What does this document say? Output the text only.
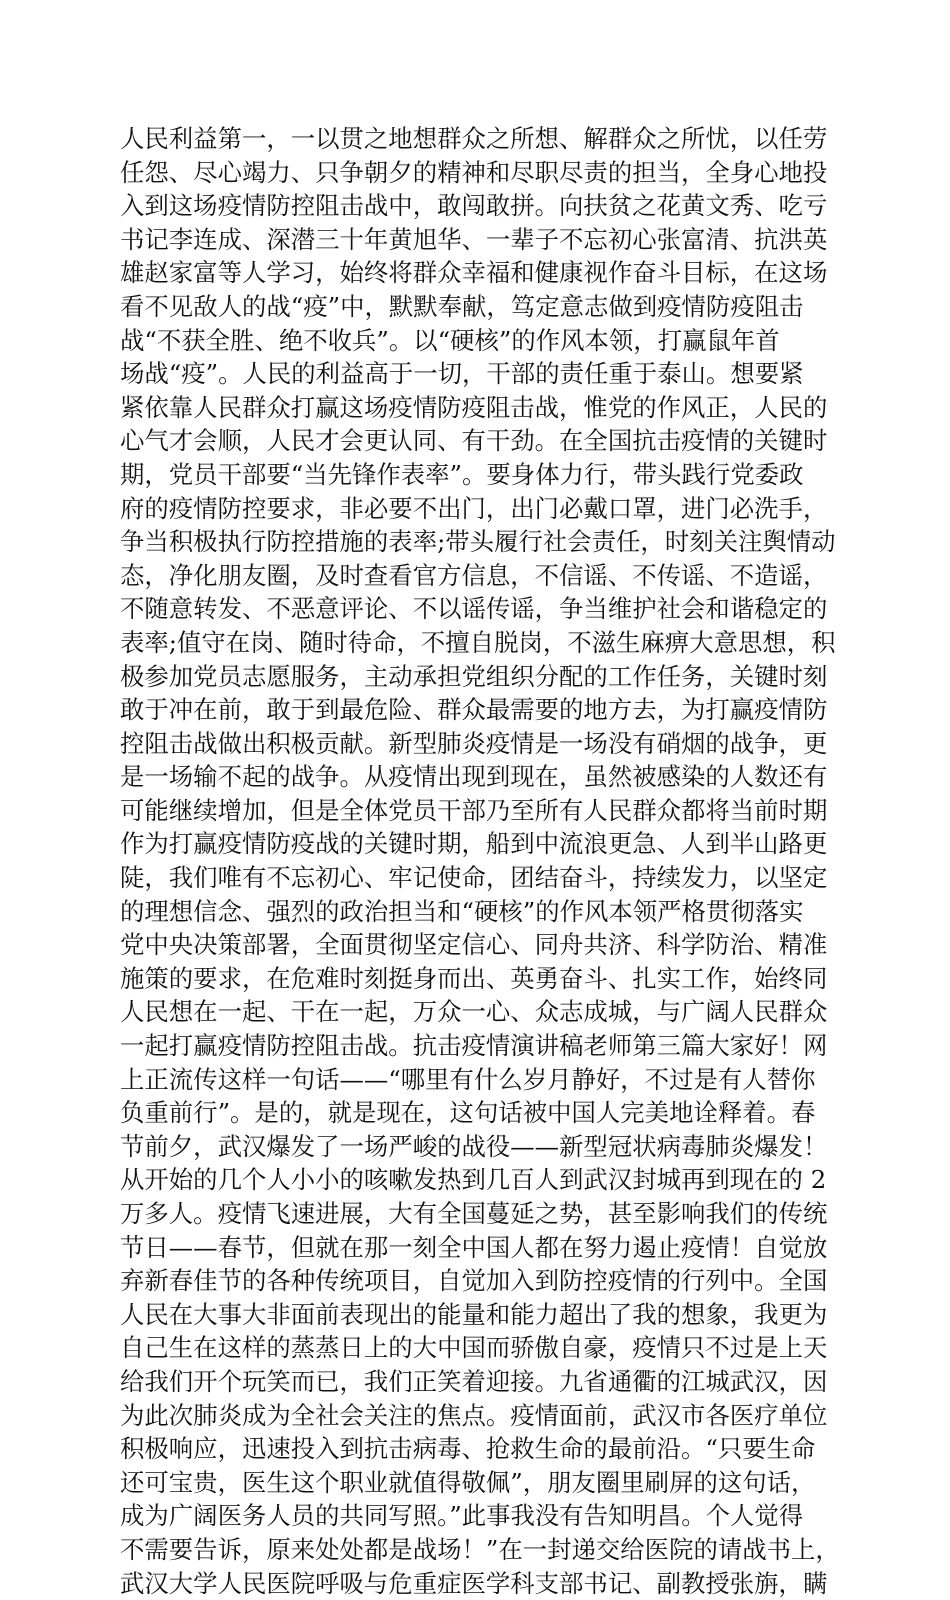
人民利益第一，一以贯之地想群众之所想、解群众之所忧，以任劳
任怨、尽心竭力、只争朝夕的精神和尽职尽责的担当，全身心地投
入到这场疫情防控阻击战中，敢闯敢拼。向扶贫之花黄文秀、吃亏
书记李连成、深潜三十年黄旭华、一辈子不忘初心张富清、抗洪英
雄赵家富等人学习，始终将群众幸福和健康视作奋斗目标，在这场
看不见敌人的战“疫”中，默默奉献，笃定意志做到疫情防疫阻击
战“不获全胜、绝不收兵”。以“硬核”的作风本领，打赢鼠年首
场战“疫”。人民的利益高于一切，干部的责任重于泰山。想要紧
紧依靠人民群众打赢这场疫情防疫阻击战，惟党的作风正，人民的
心气才会顺，人民才会更认同、有干劲。在全国抗击疫情的关键时
期，党员干部要“当先锋作表率”。要身体力行，带头践行党委政
府的疫情防控要求，非必要不出门，出门必戴口罩，进门必洗手，
争当积极执行防控措施的表率;带头履行社会责任，时刻关注舆情动
态，净化朋友圈，及时查看官方信息，不信谣、不传谣、不造谣，
不随意转发、不恶意评论、不以谣传谣，争当维护社会和谐稳定的
表率;值守在岗、随时待命，不擅自脱岗，不滋生麻痹大意思想，积
极参加党员志愿服务，主动承担党组织分配的工作任务，关键时刻
敢于冲在前，敢于到最危险、群众最需要的地方去，为打赢疫情防
控阻击战做出积极贡献。新型肺炎疫情是一场没有硝烟的战争，更
是一场输不起的战争。从疫情出现到现在，虽然被感染的人数还有
可能继续增加，但是全体党员干部乃至所有人民群众都将当前时期
作为打赢疫情防疫战的关键时期，船到中流浪更急、人到半山路更
陡，我们唯有不忘初心、牢记使命，团结奋斗，持续发力，以坚定
的理想信念、强烈的政治担当和“硬核”的作风本领严格贯彻落实
党中央决策部署，全面贯彻坚定信心、同舟共济、科学防治、精准
施策的要求，在危难时刻挺身而出、英勇奋斗、扎实工作，始终同
人民想在一起、干在一起，万众一心、众志成城，与广阔人民群众
一起打赢疫情防控阻击战。抗击疫情演讲稿老师第三篇大家好！网
上正流传这样一句话——“哪里有什么岁月静好，不过是有人替你
负重前行”。是的，就是现在，这句话被中国人完美地诠释着。春
节前夕，武汉爆发了一场严峻的战役——新型冠状病毒肺炎爆发！
从开始的几个人小小的咳嗽发热到几百人到武汉封城再到现在的 2
万多人。疫情飞速进展，大有全国蔓延之势，甚至影响我们的传统
节日——春节，但就在那一刻全中国人都在努力遏止疫情！自觉放
弃新春佳节的各种传统项目，自觉加入到防控疫情的行列中。全国
人民在大事大非面前表现出的能量和能力超出了我的想象，我更为
自己生在这样的蒸蒸日上的大中国而骄傲自豪，疫情只不过是上天
给我们开个玩笑而已，我们正笑着迎接。九省通衢的江城武汉，因
为此次肺炎成为全社会关注的焦点。疫情面前，武汉市各医疗单位
积极响应，迅速投入到抗击病毒、抢救生命的最前沿。“只要生命
还可宝贵，医生这个职业就值得敬佩”，朋友圈里刷屏的这句话，
成为广阔医务人员的共同写照。”此事我没有告知明昌。个人觉得
不需要告诉，原来处处都是战场！”在一封递交给医院的请战书上，
武汉大学人民医院呼吸与危重症医学科支部书记、副教授张旃，瞒
